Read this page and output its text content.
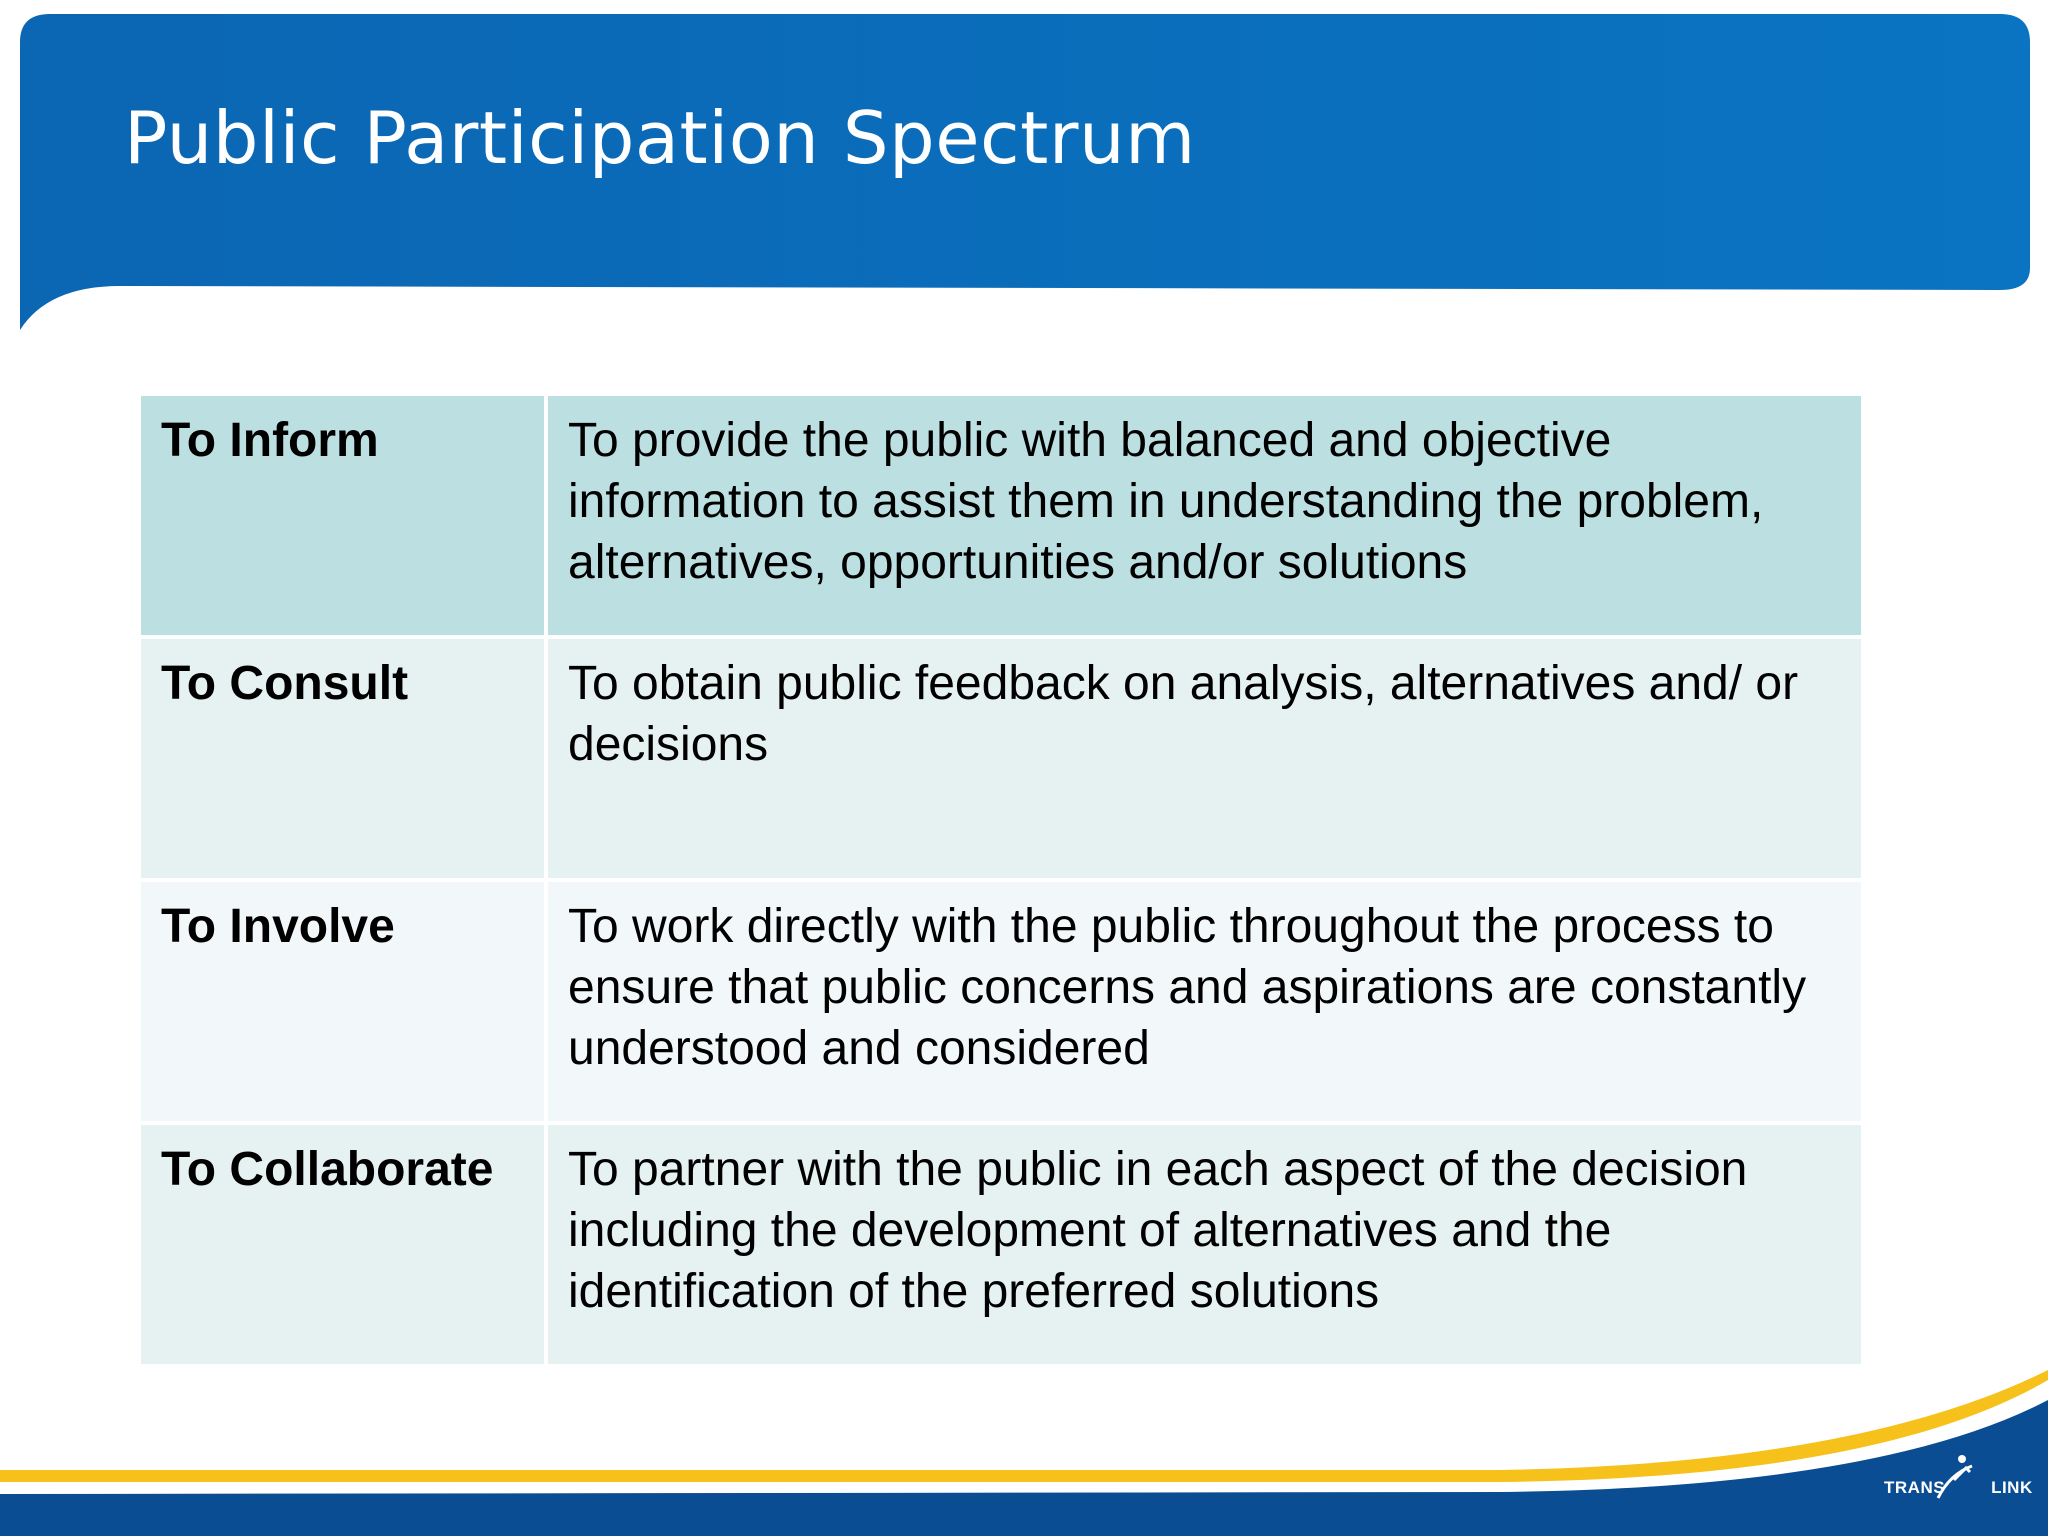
Public Participation Spectrum
To Inform	To provide the public with balanced and objective information to assist them in understanding the problem, alternatives, opportunities and/or solutions
To Consult	To obtain public feedback on analysis, alternatives and/ or decisions
To Involve	To work directly with the public throughout the process to ensure that public concerns and aspirations are constantly understood and considered
To Collaborate	To partner with the public in each aspect of the decision including the development of alternatives and the identification of the preferred solutions
TRANS	LINK
